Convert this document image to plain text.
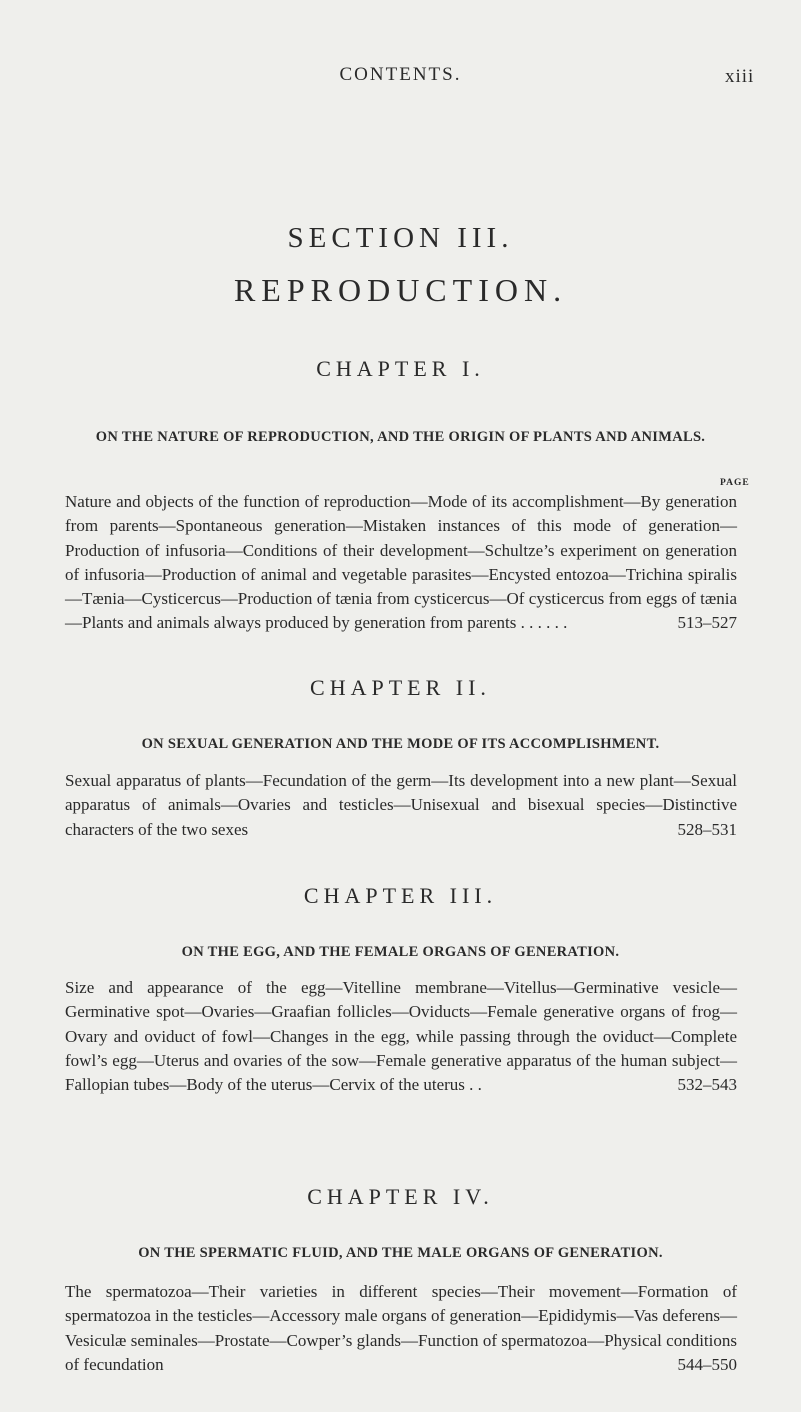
CONTENTS.	xiii
SECTION III.
REPRODUCTION.
CHAPTER I.
ON THE NATURE OF REPRODUCTION, AND THE ORIGIN OF PLANTS AND ANIMALS.
PAGE
Nature and objects of the function of reproduction—Mode of its accomplishment—By generation from parents—Spontaneous generation—Mistaken instances of this mode of generation—Production of infusoria—Conditions of their development—Schultze’s experiment on generation of infusoria—Production of animal and vegetable parasites—Encysted entozoa—Trichina spiralis—Tænia—Cysticercus—Production of tænia from cysticercus—Of cysticercus from eggs of tænia—Plants and animals always produced by generation from parents . . . . . .	513–527
CHAPTER II.
ON SEXUAL GENERATION AND THE MODE OF ITS ACCOMPLISHMENT.
Sexual apparatus of plants—Fecundation of the germ—Its development into a new plant—Sexual apparatus of animals—Ovaries and testicles—Unisexual and bisexual species—Distinctive characters of the two sexes	528–531
CHAPTER III.
ON THE EGG, AND THE FEMALE ORGANS OF GENERATION.
Size and appearance of the egg—Vitelline membrane—Vitellus—Germinative vesicle—Germinative spot—Ovaries—Graafian follicles—Oviducts—Female generative organs of frog—Ovary and oviduct of fowl—Changes in the egg, while passing through the oviduct—Complete fowl’s egg—Uterus and ovaries of the sow—Female generative apparatus of the human subject—Fallopian tubes—Body of the uterus—Cervix of the uterus . .	532–543
CHAPTER IV.
ON THE SPERMATIC FLUID, AND THE MALE ORGANS OF GENERATION.
The spermatozoa—Their varieties in different species—Their movement—Formation of spermatozoa in the testicles—Accessory male organs of generation—Epididymis—Vas deferens—Vesiculæ seminales—Prostate—Cowper’s glands—Function of spermatozoa—Physical conditions of fecundation	544–550
